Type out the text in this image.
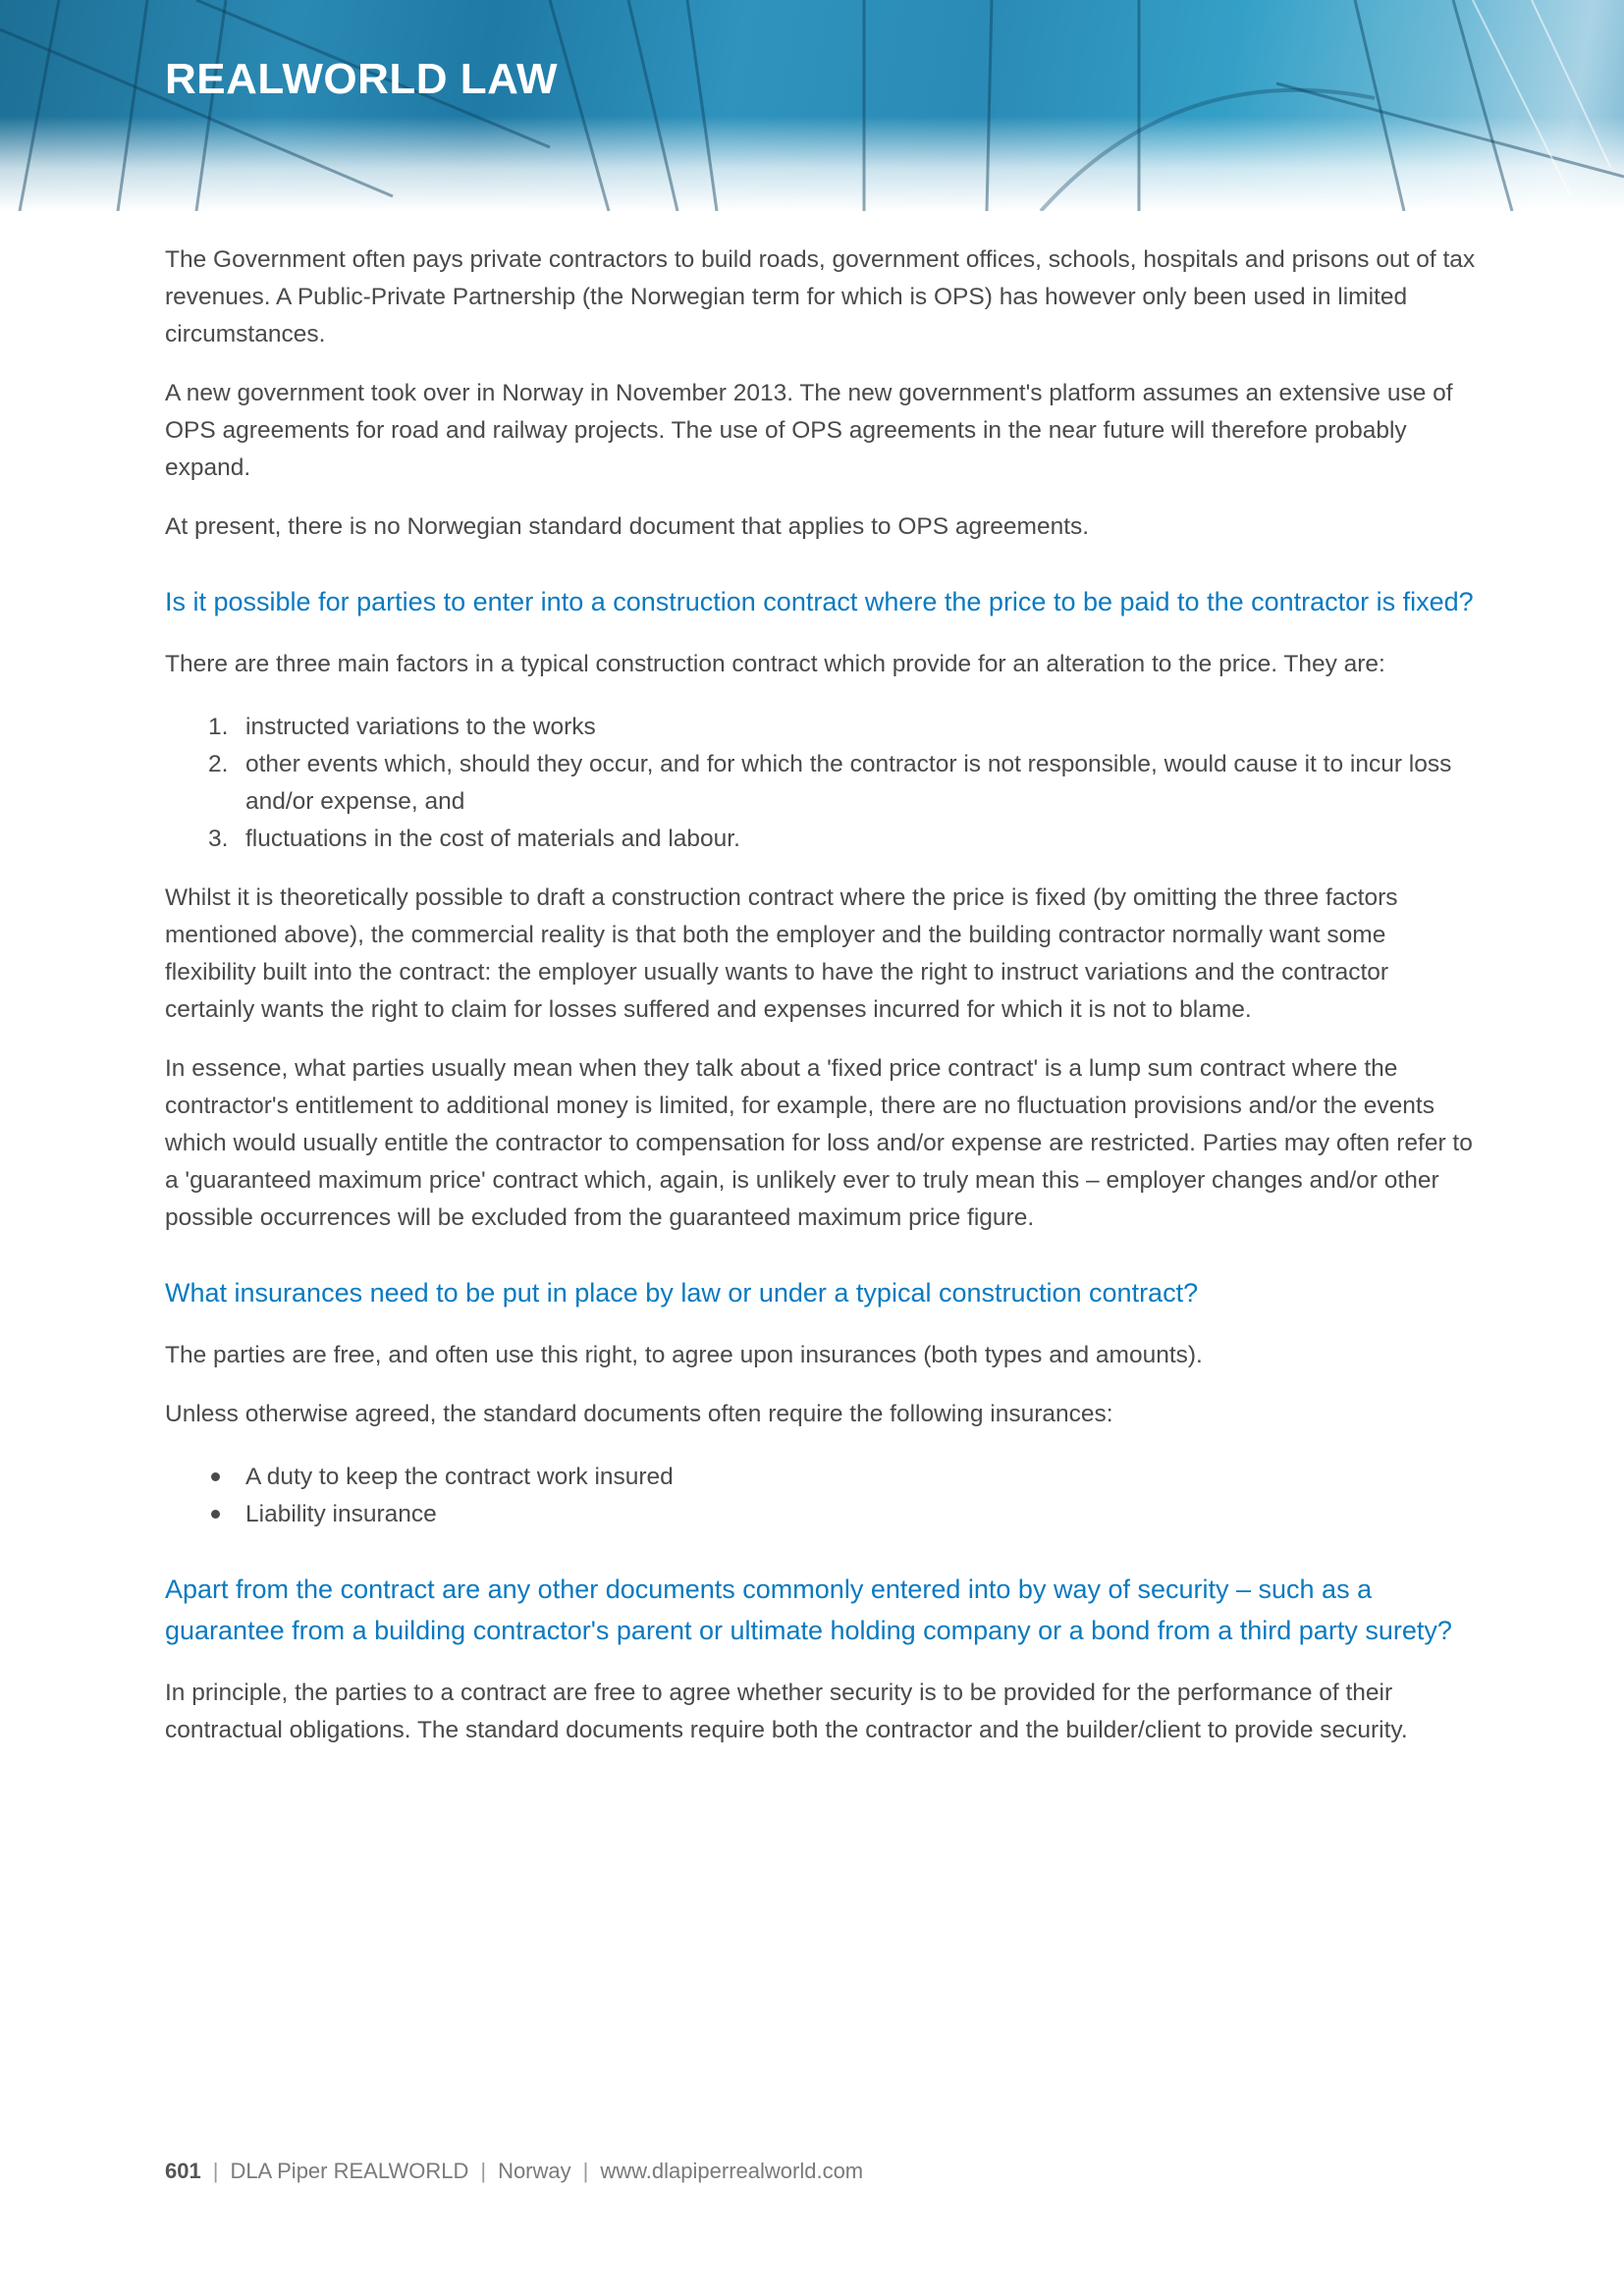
REALWORLD LAW

The Government often pays private contractors to build roads, government offices, schools, hospitals and prisons out of tax revenues. A Public-Private Partnership (the Norwegian term for which is OPS) has however only been used in limited circumstances.

A new government took over in Norway in November 2013. The new government's platform assumes an extensive use of OPS agreements for road and railway projects. The use of OPS agreements in the near future will therefore probably expand.

At present, there is no Norwegian standard document that applies to OPS agreements.

Is it possible for parties to enter into a construction contract where the price to be paid to the contractor is fixed?

There are three main factors in a typical construction contract which provide for an alteration to the price. They are:

1. instructed variations to the works
2. other events which, should they occur, and for which the contractor is not responsible, would cause it to incur loss and/or expense, and
3. fluctuations in the cost of materials and labour.

Whilst it is theoretically possible to draft a construction contract where the price is fixed (by omitting the three factors mentioned above), the commercial reality is that both the employer and the building contractor normally want some flexibility built into the contract: the employer usually wants to have the right to instruct variations and the contractor certainly wants the right to claim for losses suffered and expenses incurred for which it is not to blame.

In essence, what parties usually mean when they talk about a 'fixed price contract' is a lump sum contract where the contractor's entitlement to additional money is limited, for example, there are no fluctuation provisions and/or the events which would usually entitle the contractor to compensation for loss and/or expense are restricted. Parties may often refer to a 'guaranteed maximum price' contract which, again, is unlikely ever to truly mean this – employer changes and/or other possible occurrences will be excluded from the guaranteed maximum price figure.

What insurances need to be put in place by law or under a typical construction contract?

The parties are free, and often use this right, to agree upon insurances (both types and amounts).

Unless otherwise agreed, the standard documents often require the following insurances:

A duty to keep the contract work insured
Liability insurance
Apart from the contract are any other documents commonly entered into by way of security – such as a guarantee from a building contractor's parent or ultimate holding company or a bond from a third party surety?

In principle, the parties to a contract are free to agree whether security is to be provided for the performance of their contractual obligations. The standard documents require both the contractor and the builder/client to provide security.

601 | DLA Piper REALWORLD | Norway | www.dlapiperrealworld.com
